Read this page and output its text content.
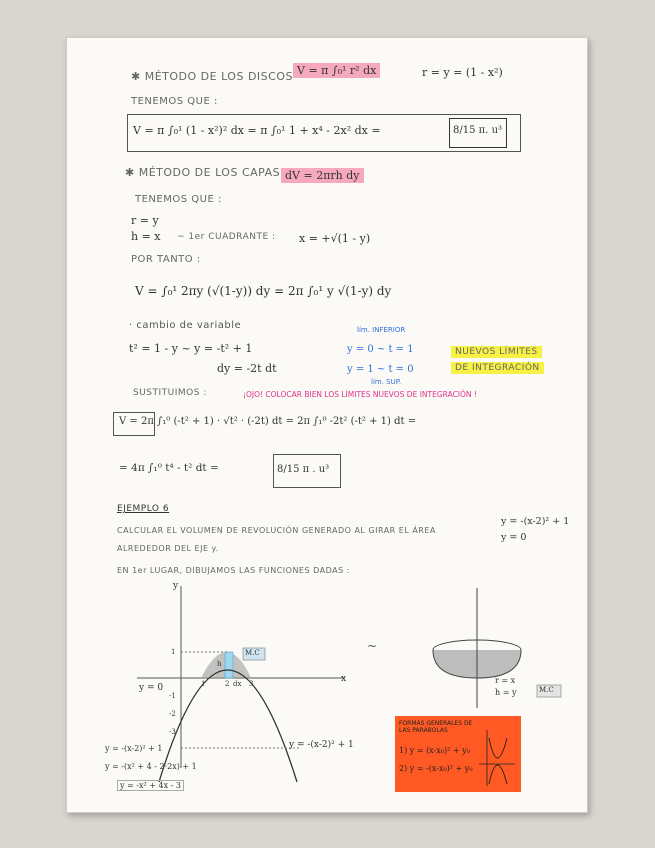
✱ MÉTODO DE LOS DISCOS V = π ∫₀¹ r² dx	r = y = (1 - x²)
TENEMOS QUE :
V = π ∫₀¹ (1 - x²)² dx = π ∫₀¹ 1 + x⁴ - 2x² dx =	8/15 π. u³
✱ MÉTODO DE LOS CAPAS dV = 2πrh dy
TENEMOS QUE :
r = y
h = x ~ 1er CUADRANTE : x = +√(1 - y)
POR TANTO :
V = ∫₀¹ 2πy (√(1-y)) dy = 2π ∫₀¹ y √(1-y) dy
· cambio de variable
t² = 1 - y ~ y = -t² + 1
dy = -2t dt
lím. INFERIOR
y = 0 ~ t = 1
y = 1 ~ t = 0
lím. SUP.
NUEVOS LÍMITES
DE INTEGRACIÓN
SUSTITUIMOS :	¡OJO! COLOCAR BIEN LOS LÍMITES NUEVOS DE INTEGRACIÓN !
V = 2π ∫₁⁰ (-t² + 1) · √t² · (-2t) dt = 2π ∫₁⁰ -2t² (-t² + 1) dt =
= 4π ∫₁⁰ t⁴ - t² dt =	8/15 π . u³
EJEMPLO 6
CALCULAR EL VOLUMEN DE REVOLUCIÓN GENERADO AL GIRAR EL ÁREA
ALREDEDOR DEL EJE y.
y = -(x-2)² + 1
y = 0
EN 1er LUGAR, DIBUJAMOS LAS FUNCIONES DADAS :
~
y
x
y = 0
M.C
1
-1
-2
-3
1	2	3
dx
h
y = -(x-2)² + 1
y = -(x-2)² + 1
y = -(x² + 4 - 2·2x) + 1
y = -x² + 4x - 3
r = x
h = y	M.C
FORMAS GENERALES DE LAS PARÁBOLAS
1) y = (x-x₀)² + y₀
2) y = -(x-x₀)² + y₀
